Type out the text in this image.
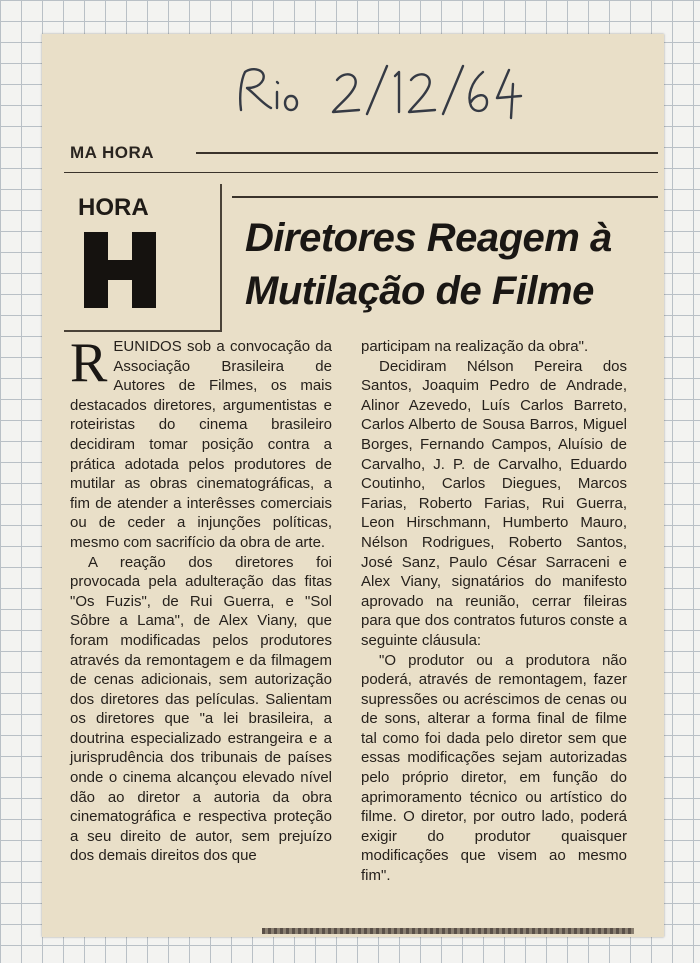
MA HORA
HORA
Diretores Reagem à
Mutilação de Filme

REUNIDOS sob a convocação da Associação Brasileira de Autores de Filmes, os mais destacados diretores, argumentistas e roteiristas do cinema brasileiro decidiram tomar posição contra a prática adotada pelos produtores de mutilar as obras cinematográficas, a fim de atender a interêsses comerciais ou de ceder a injunções políticas, mesmo com sacrifício da obra de arte.

A reação dos diretores foi provocada pela adulteração das fitas "Os Fuzis", de Rui Guerra, e "Sol Sôbre a Lama", de Alex Viany, que foram modificadas pelos produtores através da remontagem e da filmagem de cenas adicionais, sem autorização dos diretores das películas. Salientam os diretores que "a lei brasileira, a doutrina especializado estrangeira e a jurisprudência dos tribunais de países onde o cinema alcançou elevado nível dão ao diretor a autoria da obra cinematográfica e respectiva proteção a seu direito de autor, sem prejuízo dos demais direitos dos que

participam na realização da obra".

Decidiram Nélson Pereira dos Santos, Joaquim Pedro de Andrade, Alinor Azevedo, Luís Carlos Barreto, Carlos Alberto de Sousa Barros, Miguel Borges, Fernando Campos, Aluísio de Carvalho, J. P. de Carvalho, Eduardo Coutinho, Carlos Diegues, Marcos Farias, Roberto Farias, Rui Guerra, Leon Hirschmann, Humberto Mauro, Nélson Rodrigues, Roberto Santos, José Sanz, Paulo César Sarraceni e Alex Viany, signatários do manifesto aprovado na reunião, cerrar fileiras para que dos contratos futuros conste a seguinte cláusula:

"O produtor ou a produtora não poderá, através de remontagem, fazer supressões ou acréscimos de cenas ou de sons, alterar a forma final de filme tal como foi dada pelo diretor sem que essas modificações sejam autorizadas pelo próprio diretor, em função do aprimoramento técnico ou artístico do filme. O diretor, por outro lado, poderá exigir do produtor quaisquer modificações que visem ao mesmo fim".
